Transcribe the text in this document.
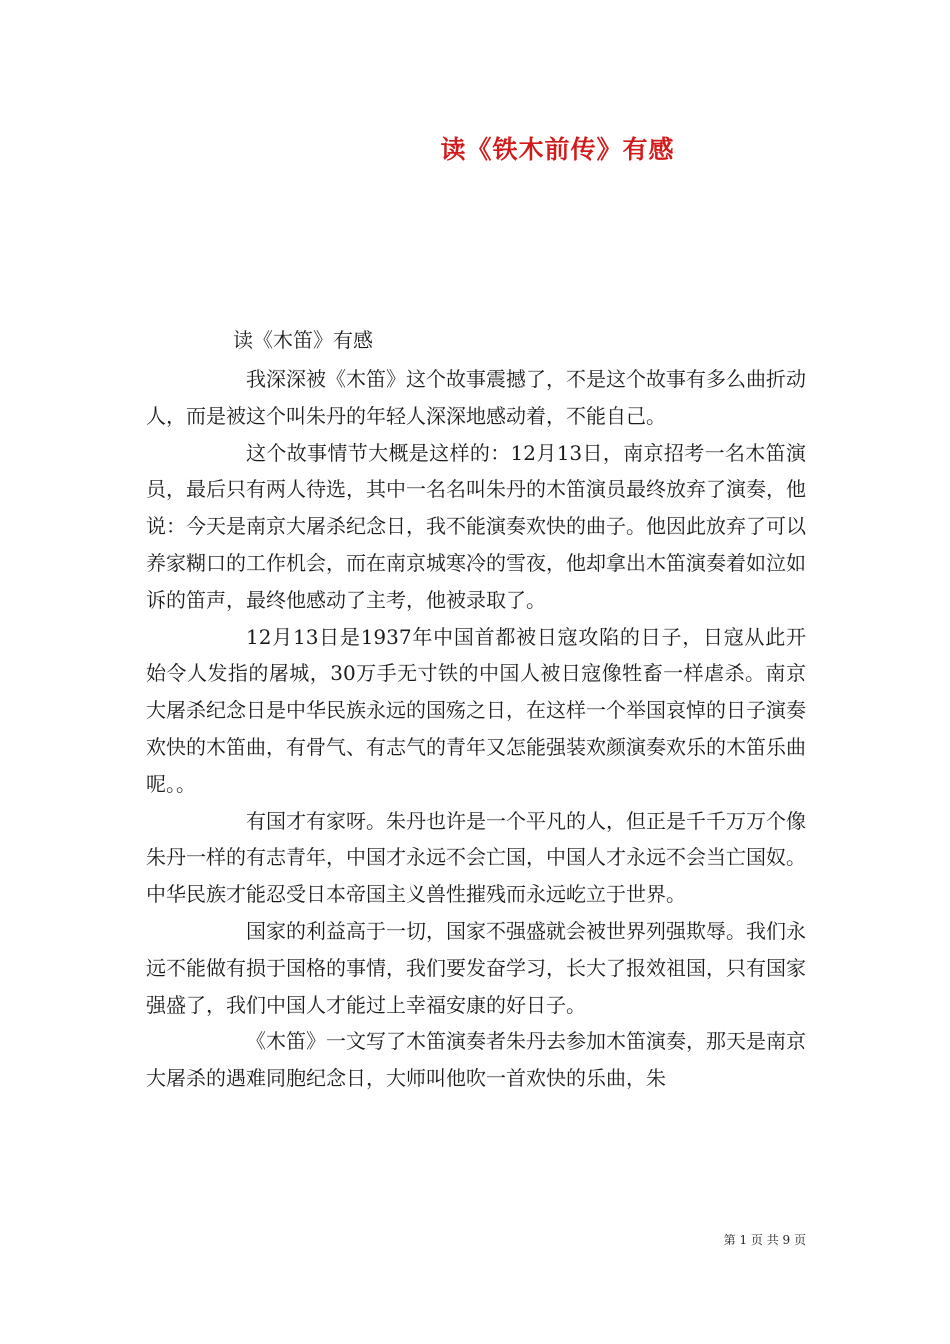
读《铁木前传》有感
读《木笛》有感

我深深被《木笛》这个故事震撼了，不是这个故事有多么曲折动人，而是被这个叫朱丹的年轻人深深地感动着，不能自己。

这个故事情节大概是这样的：12月13日，南京招考一名木笛演员，最后只有两人待选，其中一名名叫朱丹的木笛演员最终放弃了演奏，他说：今天是南京大屠杀纪念日，我不能演奏欢快的曲子。他因此放弃了可以养家糊口的工作机会，而在南京城寒冷的雪夜，他却拿出木笛演奏着如泣如诉的笛声，最终他感动了主考，他被录取了。

12月13日是1937年中国首都被日寇攻陷的日子，日寇从此开始令人发指的屠城，30万手无寸铁的中国人被日寇像牲畜一样虐杀。南京大屠杀纪念日是中华民族永远的国殇之日，在这样一个举国哀悼的日子演奏欢快的木笛曲，有骨气、有志气的青年又怎能强装欢颜演奏欢乐的木笛乐曲呢。。

有国才有家呀。朱丹也许是一个平凡的人，但正是千千万万个像朱丹一样的有志青年，中国才永远不会亡国，中国人才永远不会当亡国奴。中华民族才能忍受日本帝国主义兽性摧残而永远屹立于世界。

国家的利益高于一切，国家不强盛就会被世界列强欺辱。我们永远不能做有损于国格的事情，我们要发奋学习，长大了报效祖国，只有国家强盛了，我们中国人才能过上幸福安康的好日子。

《木笛》一文写了木笛演奏者朱丹去参加木笛演奏，那天是南京大屠杀的遇难同胞纪念日，大师叫他吹一首欢快的乐曲，朱

第 1 页 共 9 页
